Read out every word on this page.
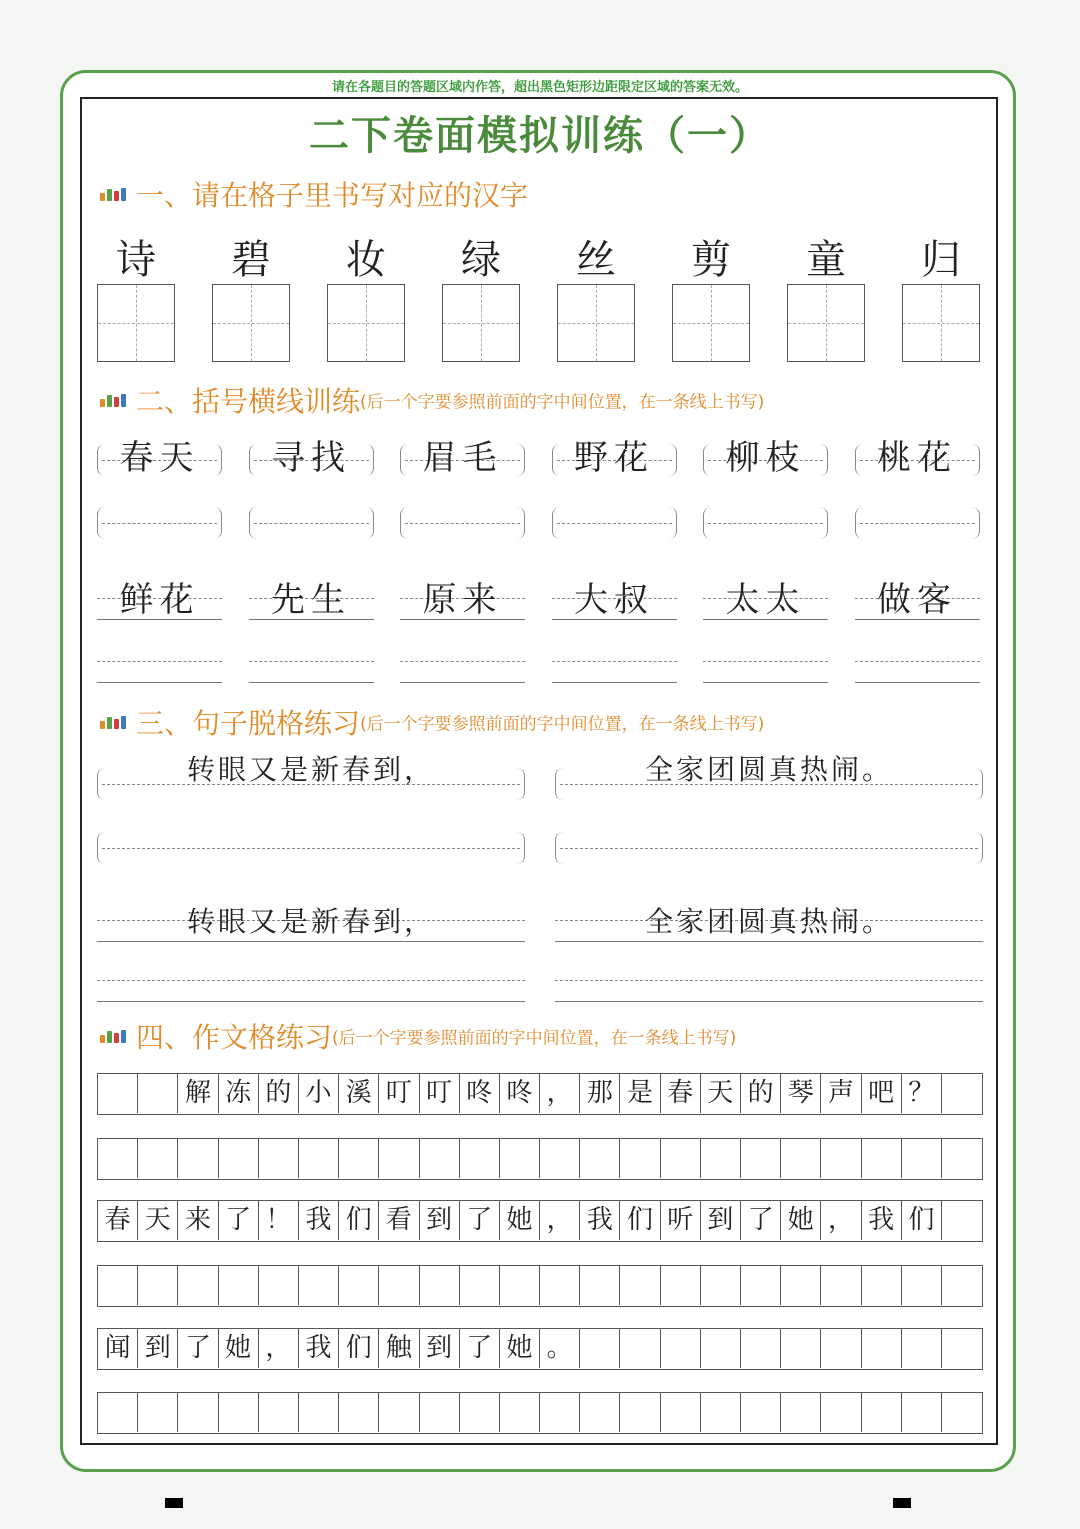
请在各题目的答题区域内作答，超出黑色矩形边距限定区域的答案无效。
二下卷面模拟训练（一）
一、请在格子里书写对应的汉字
二、括号横线训练(后一个字要参照前面的字中间位置，在一条线上书写)
三、句子脱格练习(后一个字要参照前面的字中间位置，在一条线上书写)
四、作文格练习(后一个字要参照前面的字中间位置，在一条线上书写)
诗	碧	妆	绿	丝	剪	童	归
春天	寻找	眉毛	野花	柳枝	桃花
鲜花	先生	原来	大叔	太太	做客
转眼又是新春到，
转眼又是新春到，
全家团圆真热闹。
全家团圆真热闹。
解 冻 的 小 溪 叮 叮 咚 咚 ， 那 是 春 天 的 琴 声 吧 ？
春 天 来 了 ！ 我 们 看 到 了 她 ， 我 们 听 到 了 她 ， 我 们
闻 到 了 她 ， 我 们 触 到 了 她 。
